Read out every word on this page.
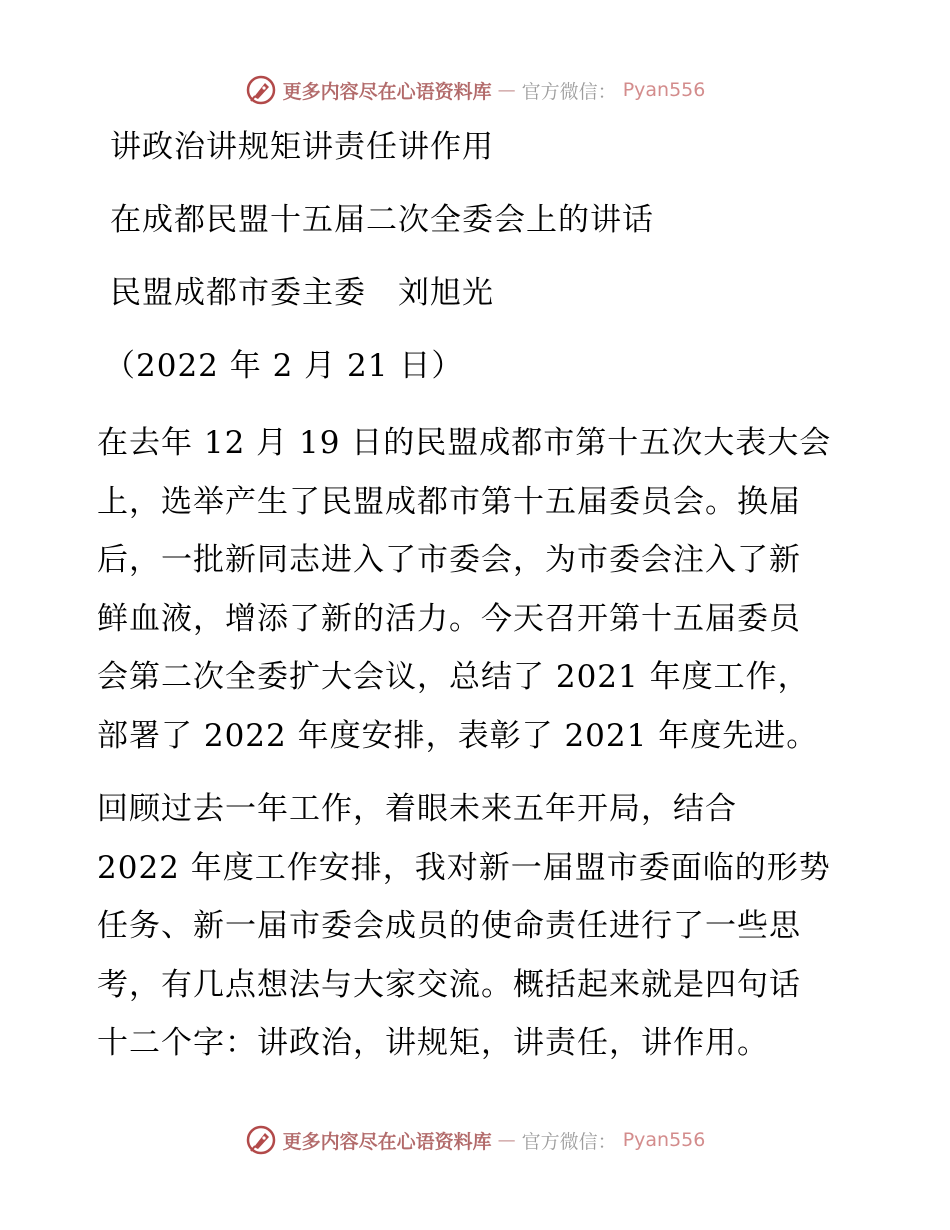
更多内容尽在心语资料库 — 官方微信： Pyan556
讲政治讲规矩讲责任讲作用
在成都民盟十五届二次全委会上的讲话
民盟成都市委主委　刘旭光
（2022 年 2 月 21 日）
在去年 12 月 19 日的民盟成都市第十五次大表大会
上，选举产生了民盟成都市第十五届委员会。换届
后，一批新同志进入了市委会，为市委会注入了新
鲜血液，增添了新的活力。今天召开第十五届委员
会第二次全委扩大会议，总结了 2021 年度工作，
部署了 2022 年度安排，表彰了 2021 年度先进。
回顾过去一年工作，着眼未来五年开局，结合
2022 年度工作安排，我对新一届盟市委面临的形势
任务、新一届市委会成员的使命责任进行了一些思
考，有几点想法与大家交流。概括起来就是四句话
十二个字：讲政治，讲规矩，讲责任，讲作用。
更多内容尽在心语资料库 — 官方微信： Pyan556
